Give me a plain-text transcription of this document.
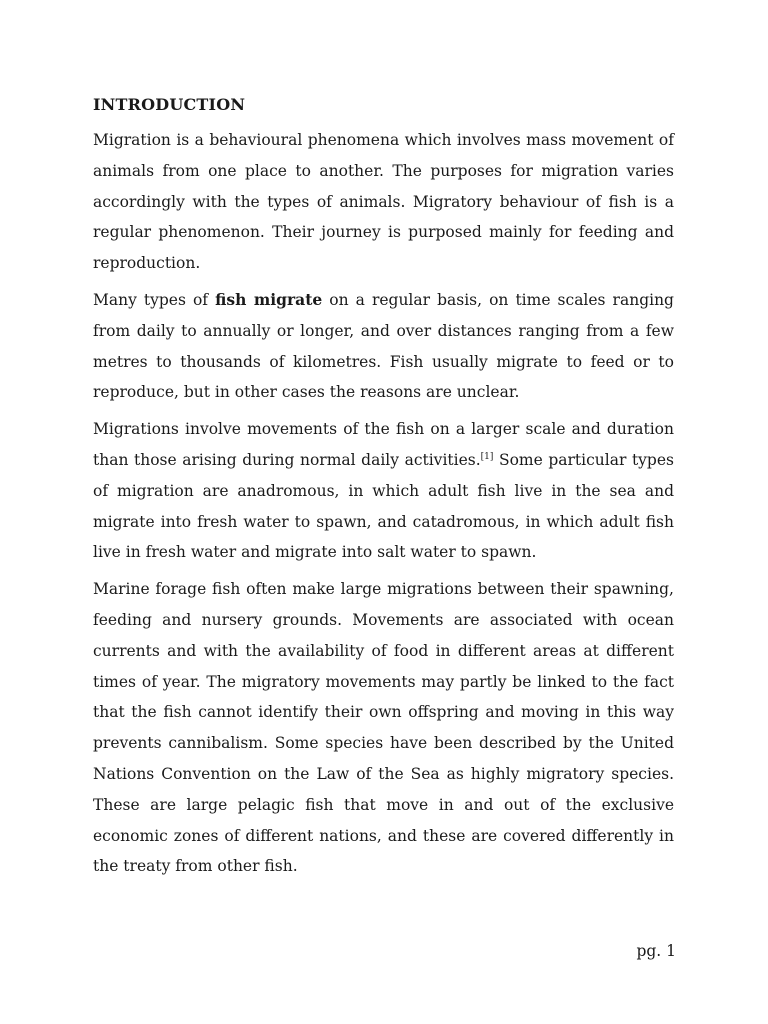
INTRODUCTION

Migration is a behavioural phenomena which involves mass movement of animals from one place to another. The purposes for migration varies accordingly with the types of animals. Migratory behaviour of fish is a regular phenomenon. Their journey is purposed mainly for feeding and reproduction.

Many types of fish migrate on a regular basis, on time scales ranging from daily to annually or longer, and over distances ranging from a few metres to thousands of kilometres. Fish usually migrate to feed or to reproduce, but in other cases the reasons are unclear.

Migrations involve movements of the fish on a larger scale and duration than those arising during normal daily activities.[1] Some particular types of migration are anadromous, in which adult fish live in the sea and migrate into fresh water to spawn, and catadromous, in which adult fish live in fresh water and migrate into salt water to spawn.

Marine forage fish often make large migrations between their spawning, feeding and nursery grounds. Movements are associated with ocean currents and with the availability of food in different areas at different times of year. The migratory movements may partly be linked to the fact that the fish cannot identify their own offspring and moving in this way prevents cannibalism. Some species have been described by the United Nations Convention on the Law of the Sea as highly migratory species. These are large pelagic fish that move in and out of the exclusive economic zones of different nations, and these are covered differently in the treaty from other fish.

pg. 1
